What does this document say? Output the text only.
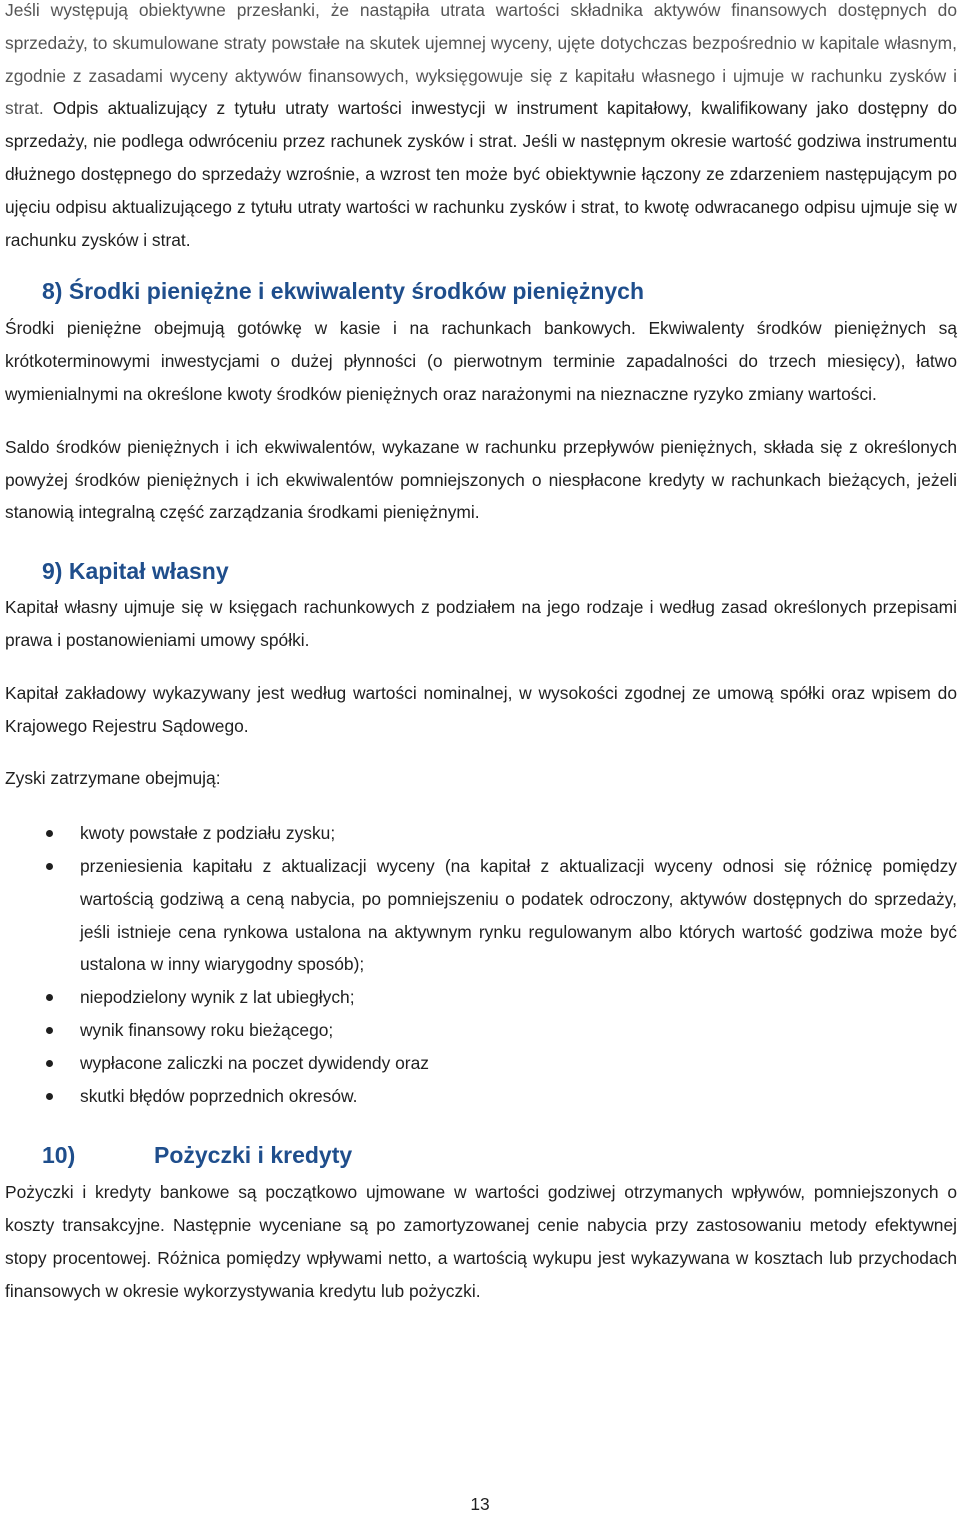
Jeśli występują obiektywne przesłanki, że nastąpiła utrata wartości składnika aktywów finansowych dostępnych do sprzedaży, to skumulowane straty powstałe na skutek ujemnej wyceny, ujęte dotychczas bezpośrednio w kapitale własnym, zgodnie z zasadami wyceny aktywów finansowych, wyksięgowuje się z kapitału własnego i ujmuje w rachunku zysków i strat. Odpis aktualizujący z tytułu utraty wartości inwestycji w instrument kapitałowy, kwalifikowany jako dostępny do sprzedaży, nie podlega odwróceniu przez rachunek zysków i strat. Jeśli w następnym okresie wartość godziwa instrumentu dłużnego dostępnego do sprzedaży wzrośnie, a wzrost ten może być obiektywnie łączony ze zdarzeniem następującym po ujęciu odpisu aktualizującego z tytułu utraty wartości w rachunku zysków i strat, to kwotę odwracanego odpisu ujmuje się w rachunku zysków i strat.

8) Środki pieniężne i ekwiwalenty środków pieniężnych

Środki pieniężne obejmują gotówkę w kasie i na rachunkach bankowych. Ekwiwalenty środków pieniężnych są krótkoterminowymi inwestycjami o dużej płynności (o pierwotnym terminie zapadalności do trzech miesięcy), łatwo wymienialnymi na określone kwoty środków pieniężnych oraz narażonymi na nieznaczne ryzyko zmiany wartości.

Saldo środków pieniężnych i ich ekwiwalentów, wykazane w rachunku przepływów pieniężnych, składa się z określonych powyżej środków pieniężnych i ich ekwiwalentów pomniejszonych o niespłacone kredyty w rachunkach bieżących, jeżeli stanowią integralną część zarządzania środkami pieniężnymi.

9) Kapitał własny

Kapitał własny ujmuje się w księgach rachunkowych z podziałem na jego rodzaje i według zasad określonych przepisami prawa i postanowieniami umowy spółki.

Kapitał zakładowy wykazywany jest według wartości nominalnej, w wysokości zgodnej ze umową spółki oraz wpisem do Krajowego Rejestru Sądowego.

Zyski zatrzymane obejmują:

kwoty powstałe z podziału zysku;
przeniesienia kapitału z aktualizacji wyceny (na kapitał z aktualizacji wyceny odnosi się różnicę pomiędzy wartością godziwą a ceną nabycia, po pomniejszeniu o podatek odroczony, aktywów dostępnych do sprzedaży, jeśli istnieje cena rynkowa ustalona na aktywnym rynku regulowanym albo których wartość godziwa może być ustalona w inny wiarygodny sposób);
niepodzielony wynik z lat ubiegłych;
wynik finansowy roku bieżącego;
wypłacone zaliczki na poczet dywidendy oraz
skutki błędów poprzednich okresów.
10)	Pożyczki i kredyty

Pożyczki i kredyty bankowe są początkowo ujmowane w wartości godziwej otrzymanych wpływów, pomniejszonych o koszty transakcyjne. Następnie wyceniane są po zamortyzowanej cenie nabycia przy zastosowaniu metody efektywnej stopy procentowej. Różnica pomiędzy wpływami netto, a wartością wykupu jest wykazywana w kosztach lub przychodach finansowych w okresie wykorzystywania kredytu lub pożyczki.

13
